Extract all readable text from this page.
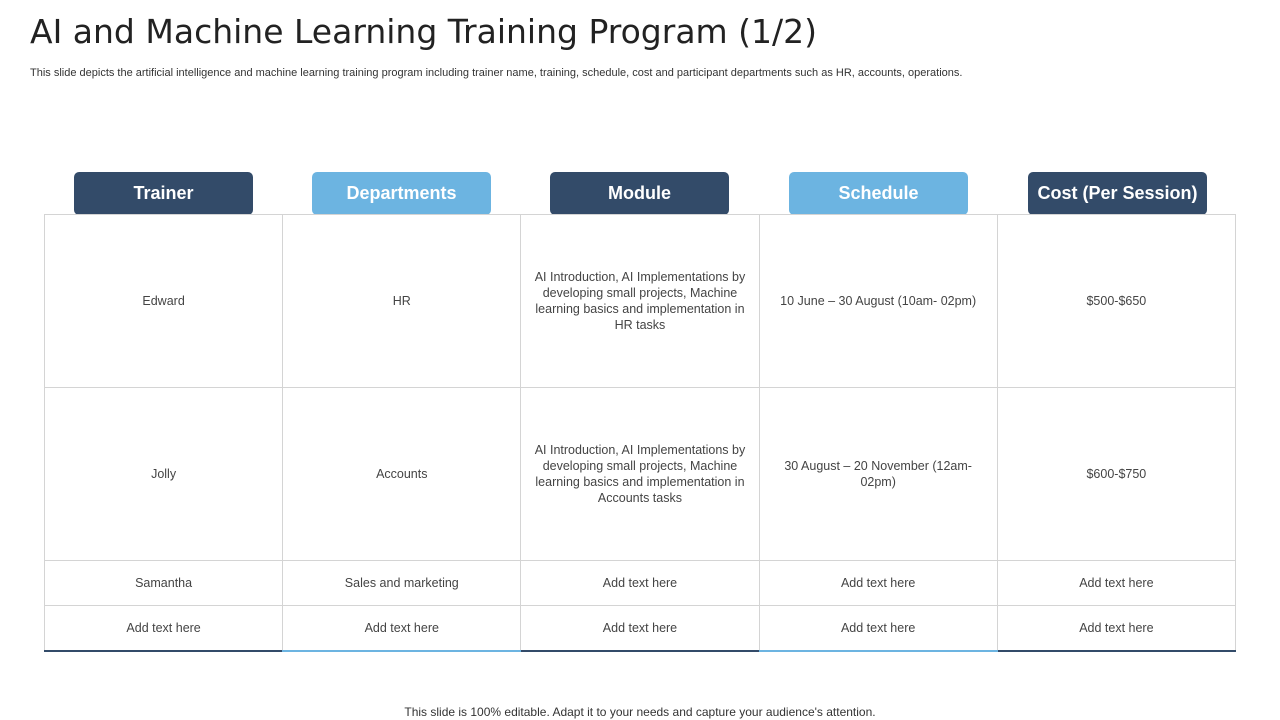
AI and Machine Learning Training Program (1/2)
This slide depicts the artificial intelligence and machine learning training program including trainer name, training, schedule, cost and participant departments such as HR, accounts, operations.
Trainer	Departments	Module	Schedule	Cost (Per Session)
Edward	HR	AI Introduction, AI Implementations by developing small projects, Machine learning basics and implementation in HR tasks	10 June – 30 August (10am- 02pm)	$500-$650
Jolly	Accounts	AI Introduction, AI Implementations by developing small projects, Machine learning basics and implementation in Accounts tasks	30 August – 20 November (12am-02pm)	$600-$750
Samantha	Sales and marketing	Add text here	Add text here	Add text here
Add text here	Add text here	Add text here	Add text here	Add text here
This slide is 100% editable. Adapt it to your needs and capture your audience's attention.
